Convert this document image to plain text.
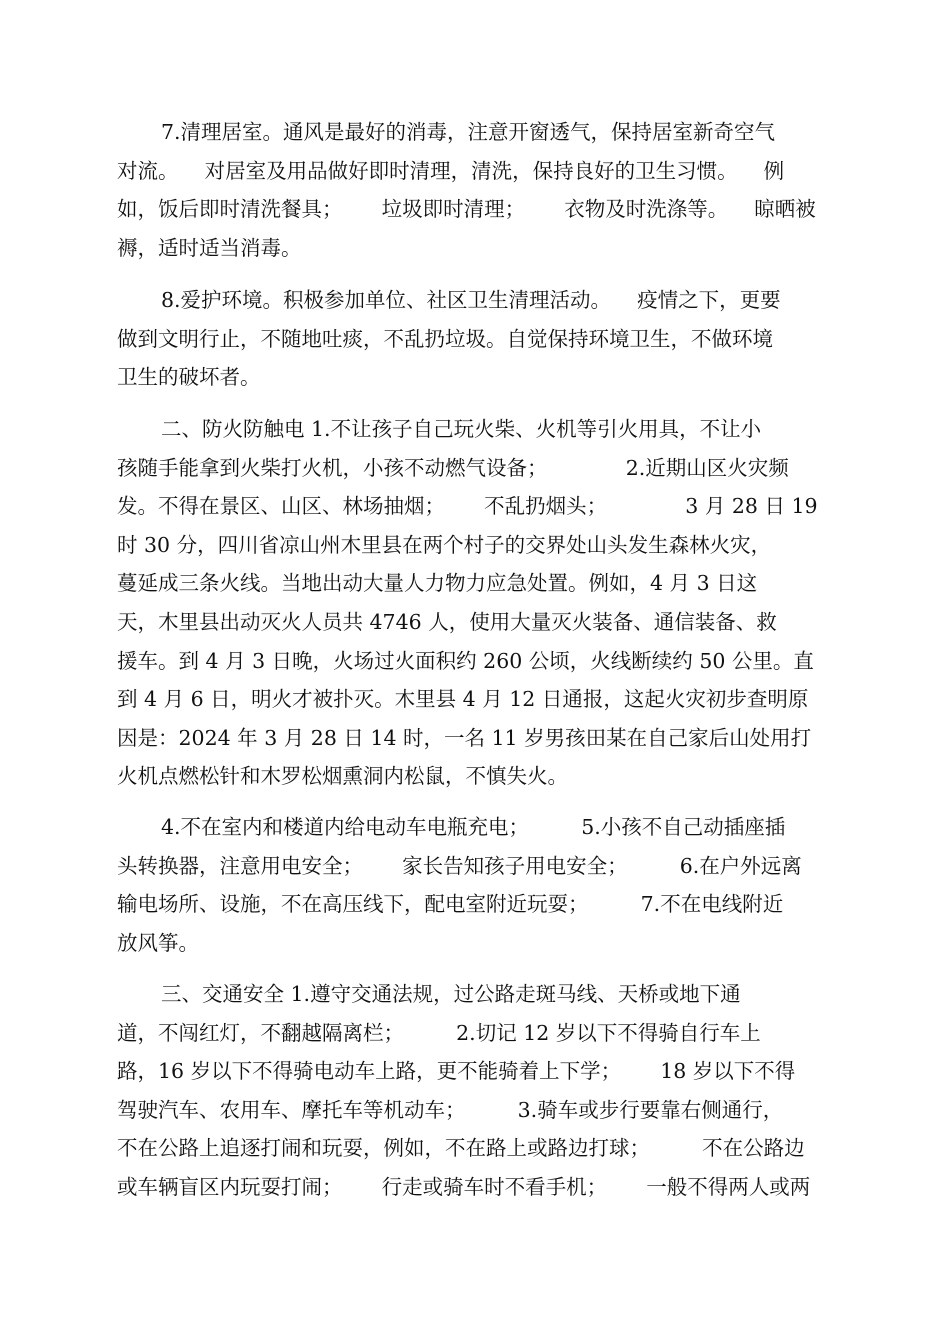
7.清理居室。通风是最好的消毒，注意开窗透气，保持居室新奇空气
对流。    对居室及用品做好即时清理，清洗，保持良好的卫生习惯。    例
如，饭后即时清洗餐具；      垃圾即时清理；      衣物及时洗涤等。    晾晒被
褥，适时适当消毒。
8.爱护环境。积极参加单位、社区卫生清理活动。    疫情之下，更要
做到文明行止，不随地吐痰，不乱扔垃圾。自觉保持环境卫生，不做环境
卫生的破坏者。
二、防火防触电 1.不让孩子自己玩火柴、火机等引火用具，不让小
孩随手能拿到火柴打火机，小孩不动燃气设备；            2.近期山区火灾频
发。不得在景区、山区、林场抽烟；      不乱扔烟头；            3 月 28 日 19
时 30 分，四川省凉山州木里县在两个村子的交界处山头发生森林火灾，
蔓延成三条火线。当地出动大量人力物力应急处置。例如，4 月 3 日这
天，木里县出动灭火人员共 4746 人，使用大量灭火装备、通信装备、救
援车。到 4 月 3 日晚，火场过火面积约 260 公顷，火线断续约 50 公里。直
到 4 月 6 日，明火才被扑灭。木里县 4 月 12 日通报，这起火灾初步查明原
因是：2024 年 3 月 28 日 14 时，一名 11 岁男孩田某在自己家后山处用打
火机点燃松针和木罗松烟熏洞内松鼠，不慎失火。
4.不在室内和楼道内给电动车电瓶充电；        5.小孩不自己动插座插
头转换器，注意用电安全；      家长告知孩子用电安全；        6.在户外远离
输电场所、设施，不在高压线下，配电室附近玩耍；        7.不在电线附近
放风筝。
三、交通安全 1.遵守交通法规，过公路走斑马线、天桥或地下通
道，不闯红灯，不翻越隔离栏；        2.切记 12 岁以下不得骑自行车上
路，16 岁以下不得骑电动车上路，更不能骑着上下学；      18 岁以下不得
驾驶汽车、农用车、摩托车等机动车；        3.骑车或步行要靠右侧通行，
不在公路上追逐打闹和玩耍，例如，不在路上或路边打球；        不在公路边
或车辆盲区内玩耍打闹；      行走或骑车时不看手机；      一般不得两人或两
